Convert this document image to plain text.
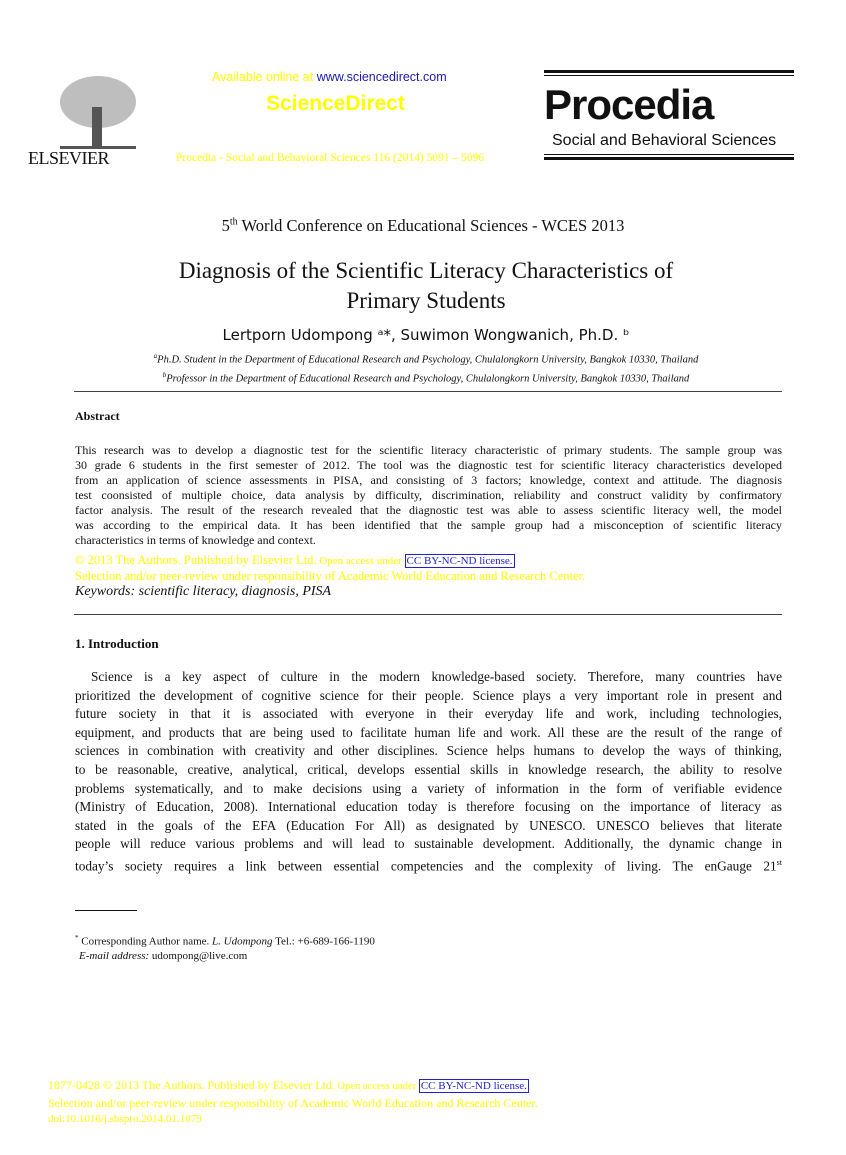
ELSEVIER
Available online at www.sciencedirect.com
ScienceDirect
Procedia - Social and Behavioral Sciences 116 (2014) 5091 – 5096
Procedia
Social and Behavioral Sciences
5th World Conference on Educational Sciences - WCES 2013
Diagnosis of the Scientific Literacy Characteristics of
Primary Students
Lertporn Udompong ᵃ*, Suwimon Wongwanich, Ph.D. ᵇ
$^a$Ph.D. Student in the Department of Educational Research and Psychology, Chulalongkorn University, Bangkok 10330, Thailand
$^b$Professor in the Department of Educational Research and Psychology, Chulalongkorn University, Bangkok 10330, Thailand
Abstract
This research was to develop a diagnostic test for the scientific literacy characteristic of primary students. The sample group was
30 grade 6 students in the first semester of 2012. The tool was the diagnostic test for scientific literacy characteristics developed
from an application of science assessments in PISA, and consisting of 3 factors; knowledge, context and attitude. The diagnosis
test coonsisted of multiple choice, data analysis by difficulty, discrimination, reliability and construct validity by confirmatory
factor analysis. The result of the research revealed that the diagnostic test was able to assess scientific literacy well, the model
was according to the empirical data. It has been identified that the sample group had a misconception of scientific literacy
characteristics in terms of knowledge and context.
© 2013 The Authors. Published by Elsevier Ltd. Open access under CC BY-NC-ND license.
Selection and/or peer-review under responsibility of Academic World Education and Research Center.
Keywords: scientific literacy, diagnosis, PISA
1. Introduction
Science is a key aspect of culture in the modern knowledge-based society. Therefore, many countries have
prioritized the development of cognitive science for their people. Science plays a very important role in present and
future society in that it is associated with everyone in their everyday life and work, including technologies,
equipment, and products that are being used to facilitate human life and work. All these are the result of the range of
sciences in combination with creativity and other disciplines. Science helps humans to develop the ways of thinking,
to be reasonable, creative, analytical, critical, develops essential skills in knowledge research, the ability to resolve
problems systematically, and to make decisions using a variety of information in the form of verifiable evidence
(Ministry of Education, 2008). International education today is therefore focusing on the importance of literacy as
stated in the goals of the EFA (Education For All) as designated by UNESCO. UNESCO believes that literate
people will reduce various problems and will lead to sustainable development. Additionally, the dynamic change in
today’s society requires a link between essential competencies and the complexity of living. The enGauge 21st
* Corresponding Author name. L. Udompong Tel.: +6-689-166-1190
E-mail address: udompong@live.com
1877-0428 © 2013 The Authors. Published by Elsevier Ltd. Open access under CC BY-NC-ND license.
Selection and/or peer-review under responsibility of Academic World Education and Research Center.
doi:10.1016/j.sbspro.2014.01.1079
